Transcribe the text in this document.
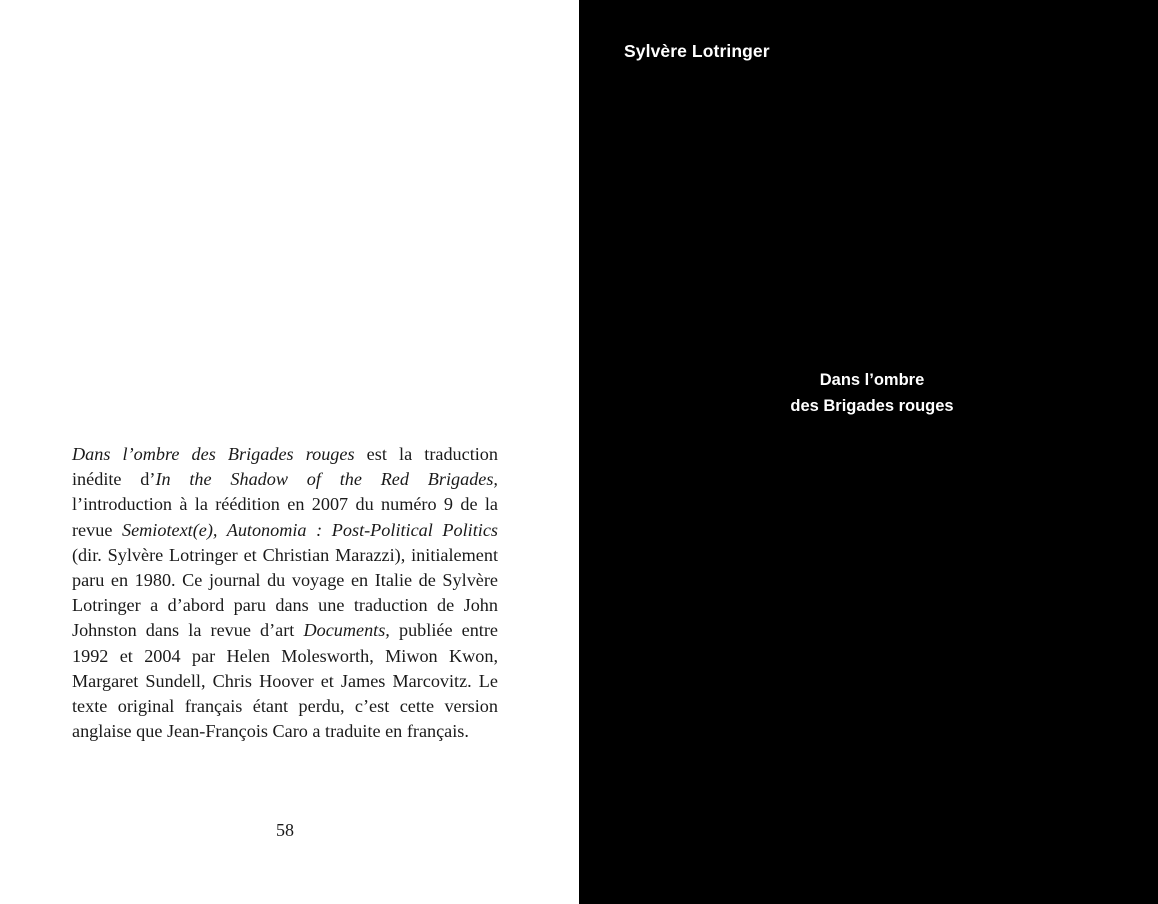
Dans l’ombre des Brigades rouges est la traduction inédite d’In the Shadow of the Red Brigades, l’introduction à la réédition en 2007 du numéro 9 de la revue Semiotext(e), Autonomia : Post-Political Politics (dir. Sylvère Lotringer et Christian Marazzi), initialement paru en 1980. Ce journal du voyage en Italie de Sylvère Lotringer a d’abord paru dans une traduction de John Johnston dans la revue d’art Documents, publiée entre 1992 et 2004 par Helen Molesworth, Miwon Kwon, Margaret Sundell, Chris Hoover et James Marcovitz. Le texte original français étant perdu, c’est cette version anglaise que Jean-François Caro a traduite en français.

58
Sylvère Lotringer
Dans l’ombre
des Brigades rouges
